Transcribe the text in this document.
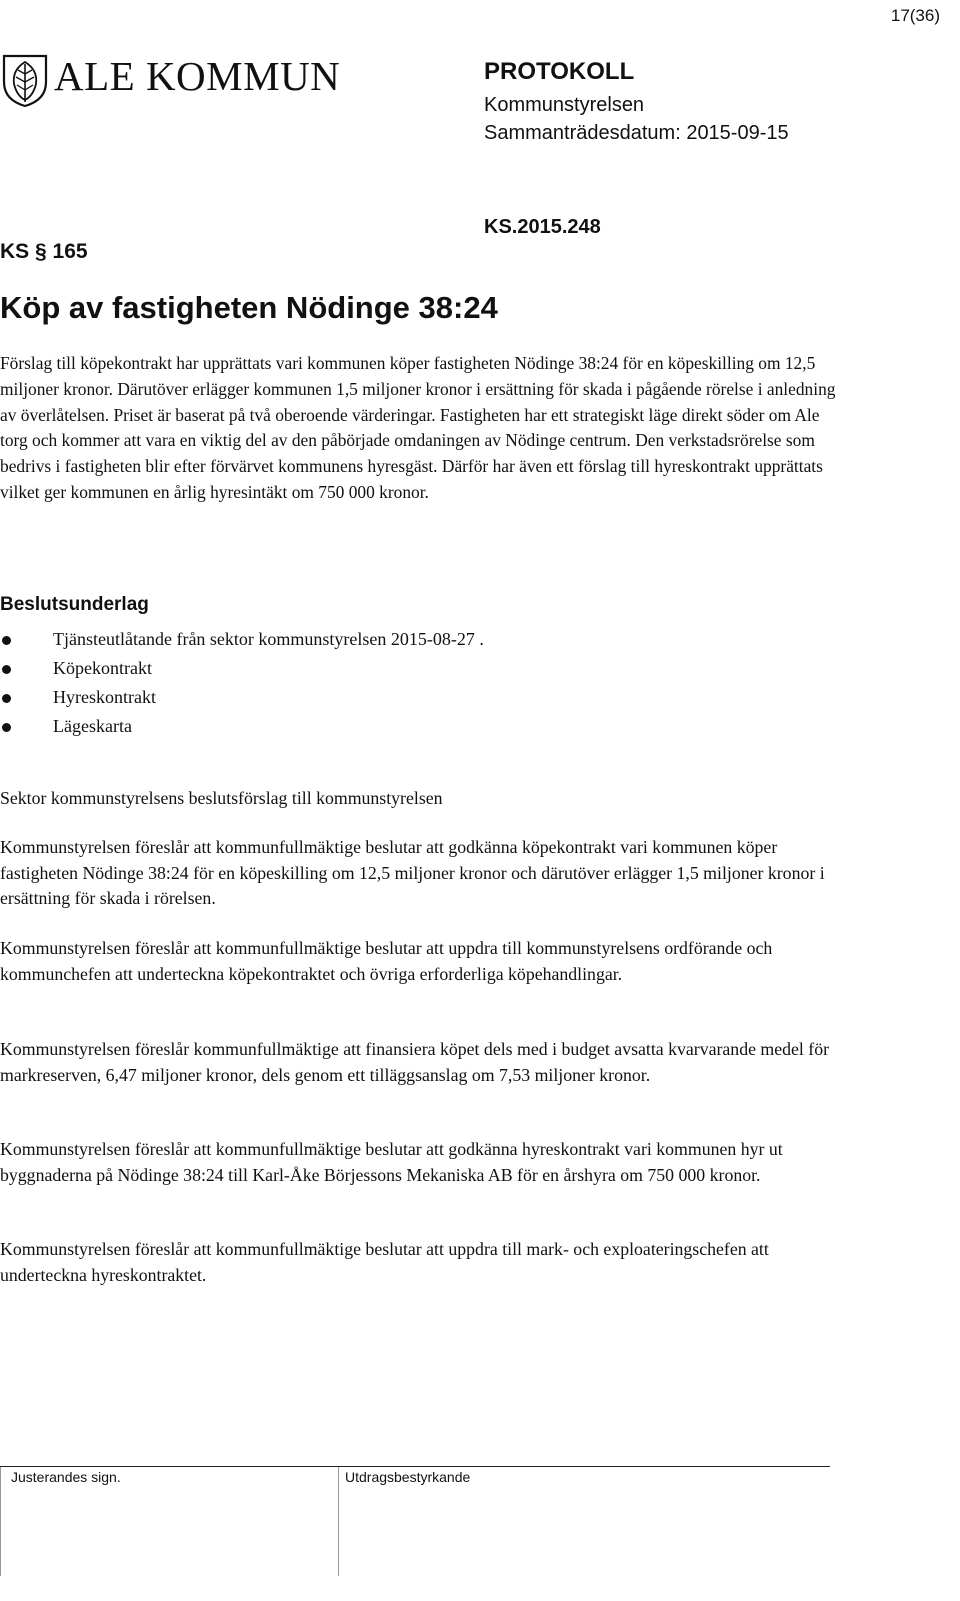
17(36)
ALE KOMMUN	PROTOKOLL
Kommunstyrelsen
Sammanträdesdatum: 2015-09-15
KS.2015.248
KS § 165
Köp av fastigheten Nödinge 38:24

Förslag till köpekontrakt har upprättats vari kommunen köper fastigheten Nödinge 38:24 för en köpeskilling om 12,5 miljoner kronor. Därutöver erlägger kommunen 1,5 miljoner kronor i ersättning för skada i pågående rörelse i anledning av överlåtelsen. Priset är baserat på två oberoende värderingar. Fastigheten har ett strategiskt läge direkt söder om Ale torg och kommer att vara en viktig del av den påbörjade omdaningen av Nödinge centrum. Den verkstadsrörelse som bedrivs i fastigheten blir efter förvärvet kommunens hyresgäst. Därför har även ett förslag till hyreskontrakt upprättats vilket ger kommunen en årlig hyresintäkt om 750 000 kronor.

Beslutsunderlag
Tjänsteutlåtande från sektor kommunstyrelsen 2015-08-27 .
Köpekontrakt
Hyreskontrakt
Lägeskarta

Sektor kommunstyrelsens beslutsförslag till kommunstyrelsen

Kommunstyrelsen föreslår att kommunfullmäktige beslutar att godkänna köpekontrakt vari kommunen köper fastigheten Nödinge 38:24 för en köpeskilling om 12,5 miljoner kronor och därutöver erlägger 1,5 miljoner kronor i ersättning för skada i rörelsen.

Kommunstyrelsen föreslår att kommunfullmäktige beslutar att uppdra till kommunstyrelsens ordförande och kommunchefen att underteckna köpekontraktet och övriga erforderliga köpehandlingar.

Kommunstyrelsen föreslår kommunfullmäktige att finansiera köpet dels med i budget avsatta kvarvarande medel för markreserven, 6,47 miljoner kronor, dels genom ett tilläggsanslag om 7,53 miljoner kronor.

Kommunstyrelsen föreslår att kommunfullmäktige beslutar att godkänna hyreskontrakt vari kommunen hyr ut byggnaderna på Nödinge 38:24 till Karl-Åke Börjessons Mekaniska AB för en årshyra om 750 000 kronor.

Kommunstyrelsen föreslår att kommunfullmäktige beslutar att uppdra till mark- och exploateringschefen att underteckna hyreskontraktet.

Justerandes sign.	Utdragsbestyrkande
